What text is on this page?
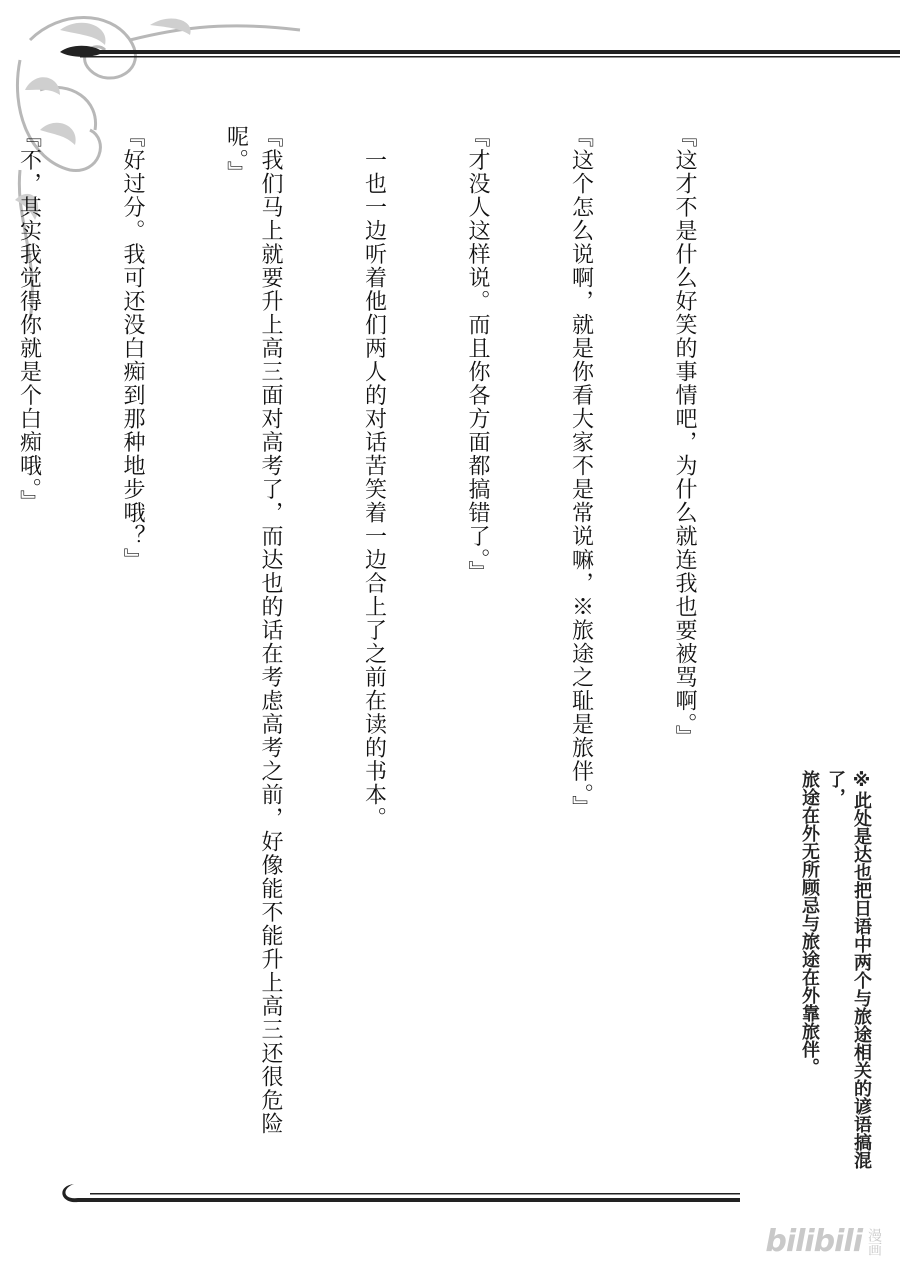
『这才不是什么好笑的事情吧，为什么就连我也要被骂啊。』

『这个怎么说啊，就是你看大家不是常说嘛，※旅途之耻是旅伴。』

『才没人这样说。而且你各方面都搞错了。』

　一也一边听着他们两人的对话苦笑着一边合上了之前在读的书本。

『我们马上就要升上高三面对高考了，而达也的话在考虑高考之前，好像能不能升上高三还很危险呢。』

『好过分。我可还没白痴到那种地步哦？』

『不，其实我觉得你就是个白痴哦。』

※此处是达也把日语中两个与旅途相关的谚语搞混了，

旅途在外无所顾忌与旅途在外靠旅伴。

bilibili 漫画
